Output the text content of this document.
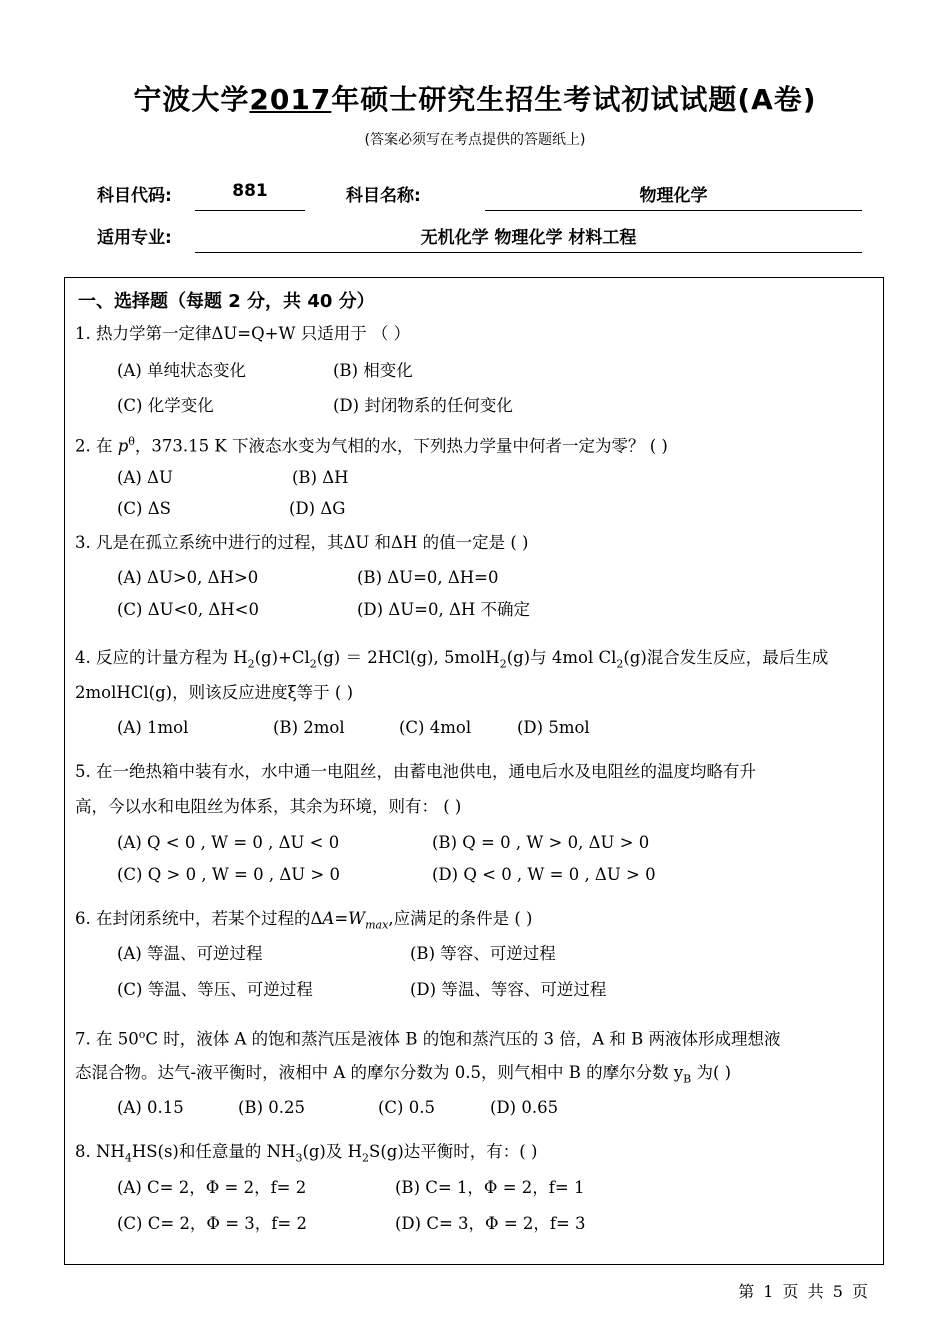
宁波大学2017年硕士研究生招生考试初试试题(A卷)
(答案必须写在考点提供的答题纸上)
科目代码:	881	科目名称:	物理化学
适用专业:	无机化学 物理化学 材料工程
一、选择题（每题 2 分，共 40 分）
1. 热力学第一定律ΔU=Q+W 只适用于 （ ）
(A) 单纯状态变化	(B) 相变化
(C) 化学变化	(D) 封闭物系的任何变化
2. 在 $p^\theta$，373.15 K 下液态水变为气相的水，下列热力学量中何者一定为零？ ( )
(A) ΔU	(B) ΔH
(C) ΔS	(D) ΔG
3. 凡是在孤立系统中进行的过程，其ΔU 和ΔH 的值一定是 ( )
(A) ΔU>0, ΔH>0	(B) ΔU=0, ΔH=0
(C) ΔU<0, ΔH<0	(D) ΔU=0, ΔH 不确定
4. 反应的计量方程为 $H_2(g)+Cl_2(g) = 2HCl(g)$, 5molH$_2$(g)与 4mol $Cl_2(g)$混合发生反应，最后生成
2molHCl(g)，则该反应进度ξ等于 ( )
(A) 1mol	(B) 2mol	(C) 4mol	(D) 5mol
5. 在一绝热箱中装有水，水中通一电阻丝，由蓄电池供电，通电后水及电阻丝的温度均略有升
高，今以水和电阻丝为体系，其余为环境，则有： ( )
(A) Q < 0 , W = 0 , ΔU < 0	(B) Q = 0 , W > 0, ΔU > 0
(C) Q > 0 , W = 0 , ΔU > 0	(D) Q < 0 , W = 0 , ΔU > 0
6. 在封闭系统中，若某个过程的$\Delta A=W_{max}$,应满足的条件是 ( )
(A) 等温、可逆过程	(B) 等容、可逆过程
(C) 等温、等压、可逆过程	(D) 等温、等容、可逆过程
7. 在 50$^o$C 时，液体 A 的饱和蒸汽压是液体 B 的饱和蒸汽压的 3 倍，A 和 B 两液体形成理想液
态混合物。达气-液平衡时，液相中 A 的摩尔分数为 0.5，则气相中 B 的摩尔分数 $y_B$ 为( )
(A) 0.15	(B) 0.25	(C) 0.5	(D) 0.65
8. $NH_4HS(s)$和任意量的 $NH_3(g)$及 $H_2S(g)$达平衡时，有：( )
(A) C= 2，Φ = 2，f= 2	(B) C= 1，Φ = 2，f= 1
(C) C= 2，Φ = 3，f= 2	(D) C= 3，Φ = 2，f= 3
第 1 页 共 5 页
